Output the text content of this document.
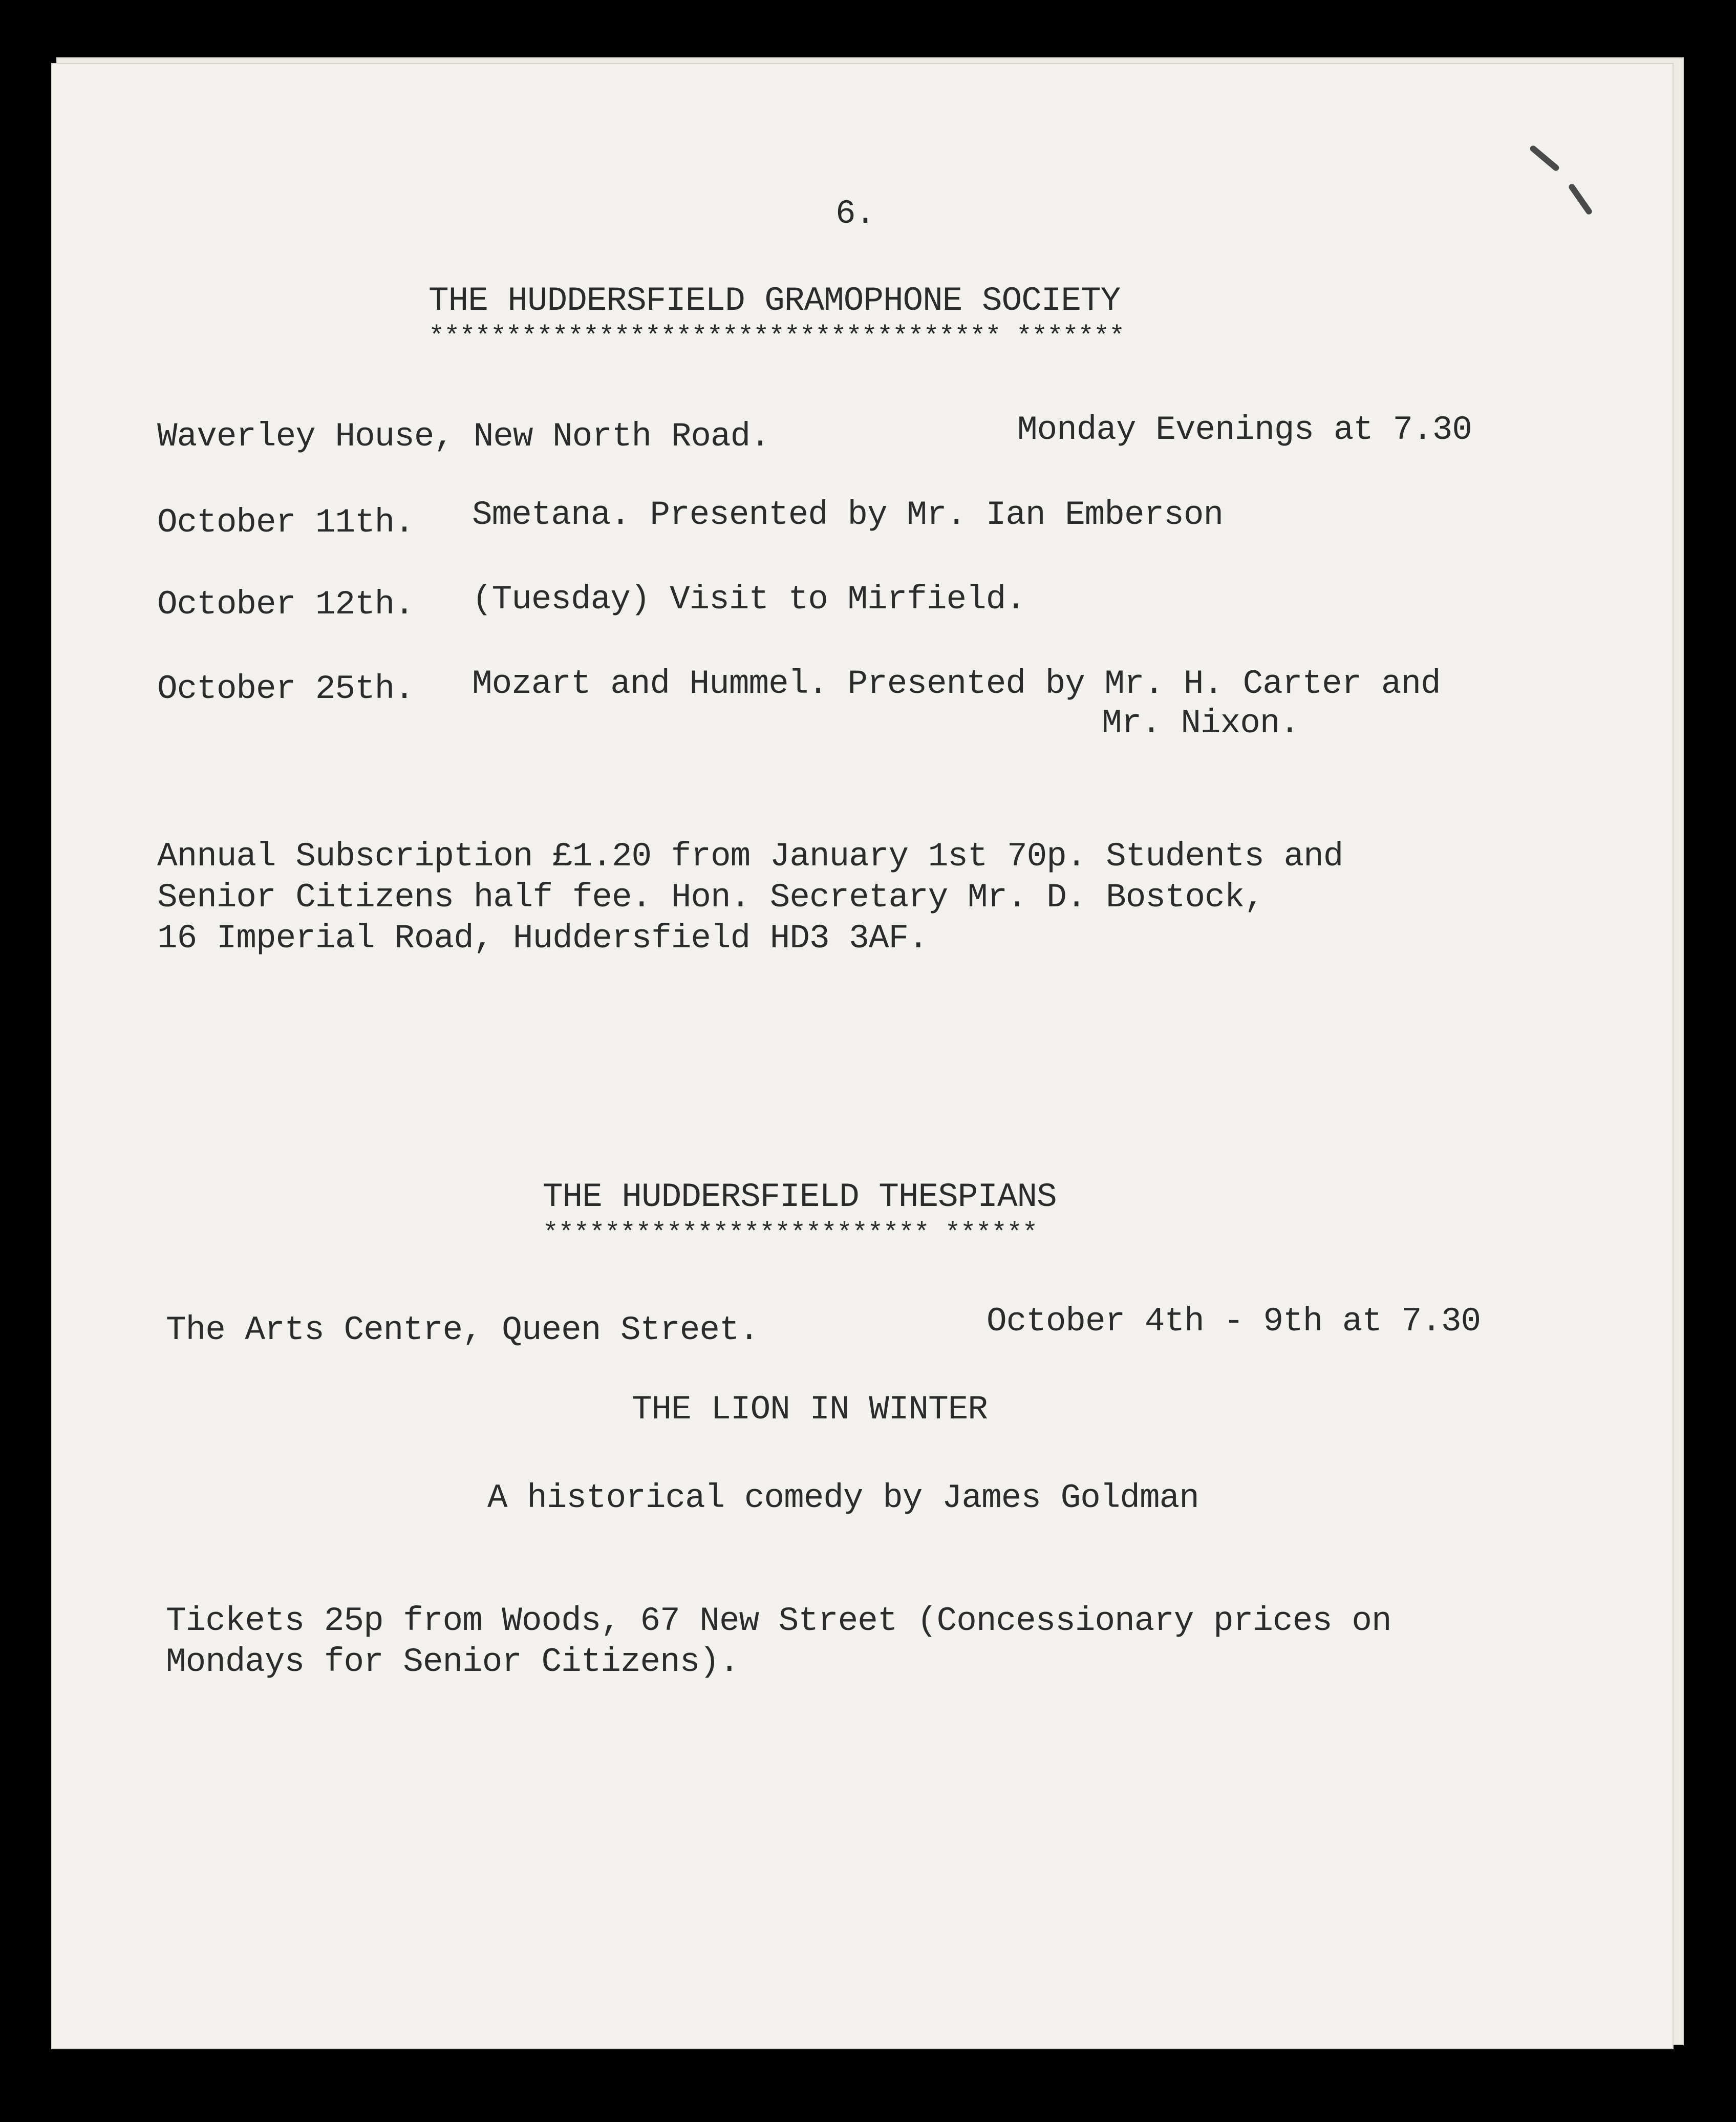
6.
THE HUDDERSFIELD GRAMOPHONE SOCIETY
************************************* *******
Waverley House, New North Road.	Monday Evenings at 7.30
October 11th. Smetana. Presented by Mr. Ian Emberson
October 12th. (Tuesday) Visit to Mirfield.
October 25th. Mozart and Hummel. Presented by Mr. H. Carter and
Mr. Nixon.
Annual Subscription £1.20 from January 1st 70p. Students and
Senior Citizens half fee. Hon. Secretary Mr. D. Bostock,
16 Imperial Road, Huddersfield HD3 3AF.
THE HUDDERSFIELD THESPIANS
************************* ******
The Arts Centre, Queen Street.	October 4th - 9th at 7.30
THE LION IN WINTER
A historical comedy by James Goldman
Tickets 25p from Woods, 67 New Street (Concessionary prices on
Mondays for Senior Citizens).
